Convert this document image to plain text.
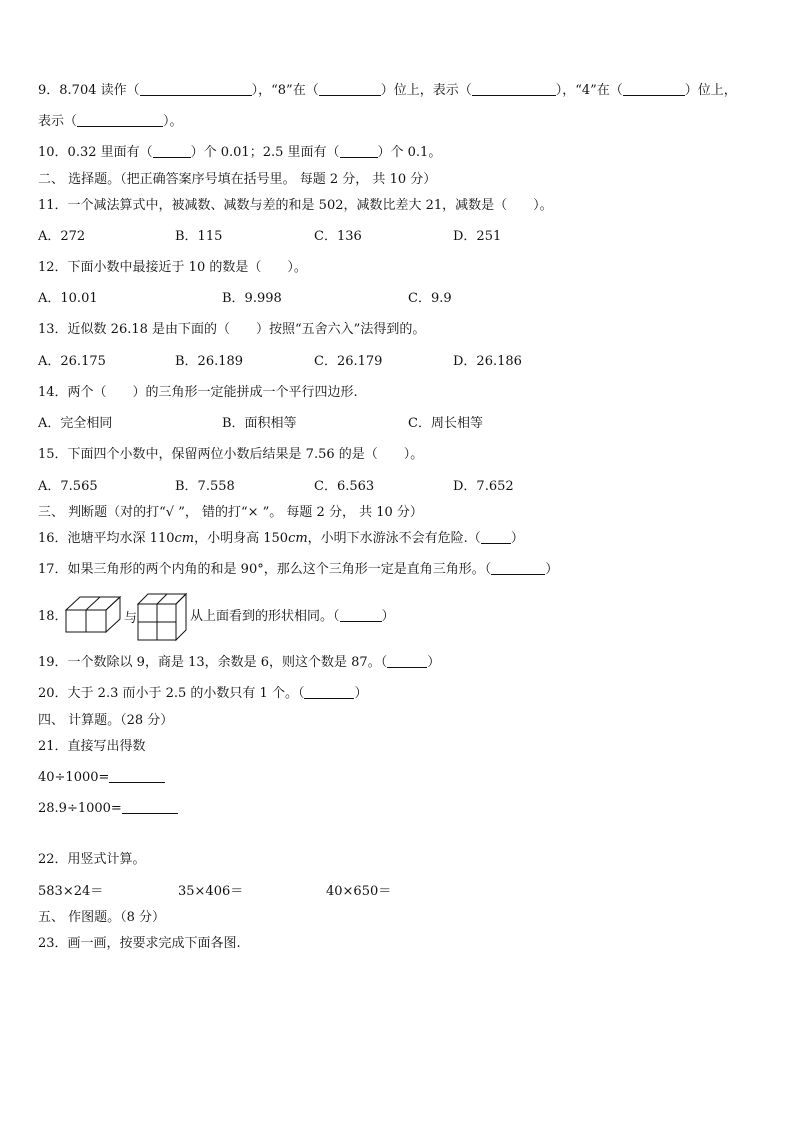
9．8.704 读作（	），“8”在（	）位上，表示（	），“4”在（	）位上，
表示（	）。
10．0.32 里面有（	）个 0.01；2.5 里面有（	）个 0.1。
二、 选择题。（把正确答案序号填在括号里。 每题 2 分， 共 10 分）
11．一个减法算式中，被减数、减数与差的和是 502，减数比差大 21，减数是（　　）。
A．272	B．115	C．136	D．251
12．下面小数中最接近于 10 的数是（　　）。
A．10.01	B．9.998	C．9.9
13．近似数 26.18 是由下面的（　　）按照“五舍六入”法得到的。
A．26.175	B．26.189	C．26.179	D．26.186
14．两个（　　）的三角形一定能拼成一个平行四边形.
A．完全相同	B．面积相等	C．周长相等
15．下面四个小数中，保留两位小数后结果是 7.56 的是（　　）。
A．7.565	B．7.558	C．6.563	D．7.652
三、 判断题（对的打“√ ”， 错的打“× ”。 每题 2 分， 共 10 分）
16．池塘平均水深 110cm，小明身高 150cm，小明下水游泳不会有危险.（ ）
17．如果三角形的两个内角的和是 90°，那么这个三角形一定是直角三角形。（	）
18．	与	从上面看到的形状相同。（	）
19．一个数除以 9，商是 13，余数是 6，则这个数是 87。（	）
20．大于 2.3 而小于 2.5 的小数只有 1 个。（	）
四、 计算题。（28 分）
21．直接写出得数
40÷1000=
28.9÷1000=
22．用竖式计算。
583×24＝	35×406＝	40×650＝
五、 作图题。（8 分）
23．画一画，按要求完成下面各图.
